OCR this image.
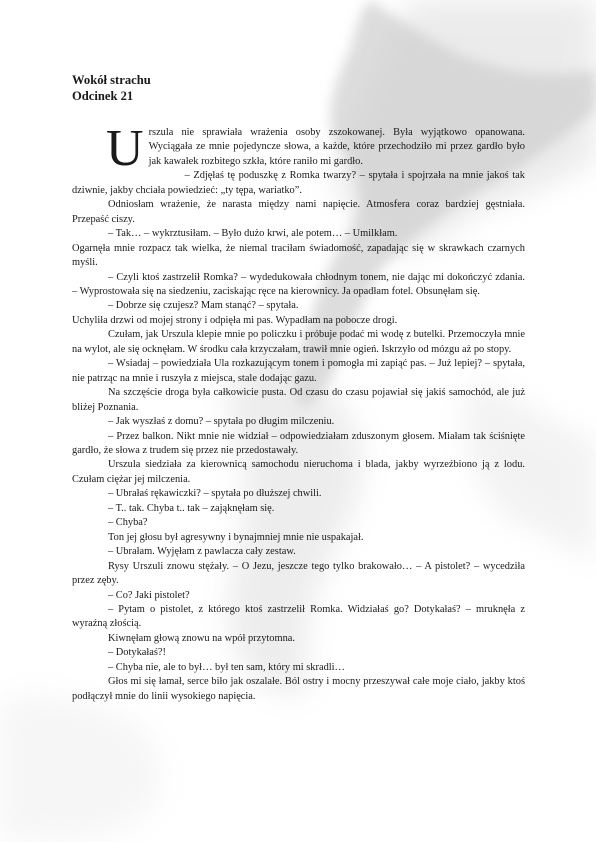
Wokół strachu

Odcinek 21

Urszula nie sprawiała wrażenia osoby zszokowanej. Była wyjątkowo opanowana. Wyciągała ze mnie pojedyncze słowa, a każde, które przechodziło mi przez gardło było jak kawałek rozbitego szkła, które raniło mi gardło.

– Zdjęłaś tę poduszkę z Romka twarzy? – spytała i spojrzała na mnie jakoś tak dziwnie, jakby chciała powiedzieć: „ty tępa, wariatko”.

Odniosłam wrażenie, że narasta między nami napięcie. Atmosfera coraz bardziej gęstniała. Przepaść ciszy.

– Tak… – wykrztusiłam. – Było dużo krwi, ale potem… – Umilkłam.

Ogarnęła mnie rozpacz tak wielka, że niemal traciłam świadomość, zapadając się w skrawkach czarnych myśli.

– Czyli ktoś zastrzelił Romka? – wydedukowała chłodnym tonem, nie dając mi dokończyć zdania. – Wyprostowała się na siedzeniu, zaciskając ręce na kierownicy. Ja opadłam fotel. Obsunęłam się.

– Dobrze się czujesz? Mam stanąć? – spytała.

Uchyliła drzwi od mojej strony i odpięła mi pas. Wypadłam na pobocze drogi.

Czułam, jak Urszula klepie mnie po policzku i próbuje podać mi wodę z butelki. Przemoczyła mnie na wylot, ale się ocknęłam. W środku cała krzyczałam, trawił mnie ogień. Iskrzyło od mózgu aż po stopy.

– Wsiadaj – powiedziała Ula rozkazującym tonem i pomogła mi zapiąć pas. – Już lepiej? – spytała, nie patrząc na mnie i ruszyła z miejsca, stale dodając gazu.

Na szczęście droga była całkowicie pusta. Od czasu do czasu pojawiał się jakiś samochód, ale już bliżej Poznania.

– Jak wyszłaś z domu? – spytała po długim milczeniu.

– Przez balkon. Nikt mnie nie widział – odpowiedziałam zduszonym głosem. Miałam tak ściśnięte gardło, że słowa z trudem się przez nie przedostawały.

Urszula siedziała za kierownicą samochodu nieruchoma i blada, jakby wyrzeźbiono ją z lodu. Czułam ciężar jej milczenia.

– Ubrałaś rękawiczki? – spytała po dłuższej chwili.

– T.. tak. Chyba t.. tak – zająknęłam się.

– Chyba?

Ton jej głosu był agresywny i bynajmniej mnie nie uspakajał.

– Ubrałam. Wyjęłam z pawlacza cały zestaw.

Rysy Urszuli znowu stężały. – O Jezu, jeszcze tego tylko brakowało… – A pistolet? – wycedziła przez zęby.

– Co? Jaki pistolet?

– Pytam o pistolet, z którego ktoś zastrzelił Romka. Widziałaś go? Dotykałaś? – mruknęła z wyraźną złością.

Kiwnęłam głową znowu na wpół przytomna.

– Dotykałaś?!

– Chyba nie, ale to był… był ten sam, który mi skradli…

Głos mi się łamał, serce biło jak oszalałe. Ból ostry i mocny przeszywał całe moje ciało, jakby ktoś podłączył mnie do linii wysokiego napięcia.
